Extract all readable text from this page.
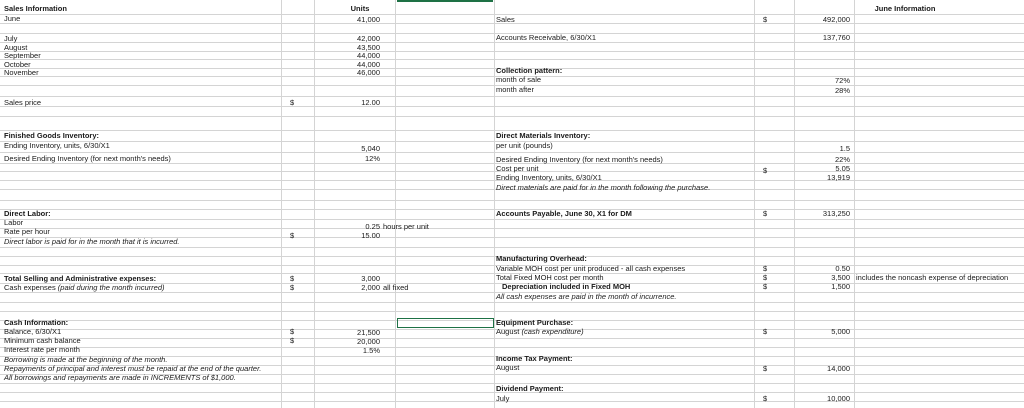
Sales Information	Units
June	41,000
July	42,000
August	43,500
September	44,000
October	44,000
November	46,000
Sales price	$	12.00
June Information
Sales	$	492,000
Accounts Receivable, 6/30/X1	137,760
Collection pattern:
month of sale	72%
month after	28%
Finished Goods Inventory:
Ending Inventory, units, 6/30/X1	5,040
Desired Ending Inventory (for next month's needs)	12%
Direct Materials Inventory:
per unit (pounds)	1.5
Desired Ending Inventory (for next month's needs)	22%
Cost per unit	$	5.05
Ending Inventory, units, 6/30/X1	13,919
Direct materials are paid for in the month following the purchase.
Direct Labor:
Labor	0.25 hours per unit
Rate per hour	$	15.00
Direct labor is paid for in the month that it is incurred.
Accounts Payable, June 30, X1 for DM	$	313,250
Manufacturing Overhead:
Variable MOH cost per unit produced - all cash expenses	$	0.50
Total Fixed MOH cost per month	$	3,500 includes the noncash expense of depreciation
Depreciation included in Fixed MOH	$	1,500
All cash expenses are paid in the month of incurrence.
Total Selling and Administrative expenses:	$	3,000
Cash expenses (paid during the month incurred)	$	2,000 all fixed
Cash Information:
Balance, 6/30/X1	$	21,500
Minimum cash balance	$	20,000
Interest rate per month	1.5%
Borrowing is made at the beginning of the month.
Repayments of principal and interest must be repaid at the end of the quarter.
All borrowings and repayments are made in INCREMENTS of $1,000.
Equipment Purchase:
August (cash expenditure)	$	5,000
Income Tax Payment:
August	$	14,000
Dividend Payment:
July	$	10,000
